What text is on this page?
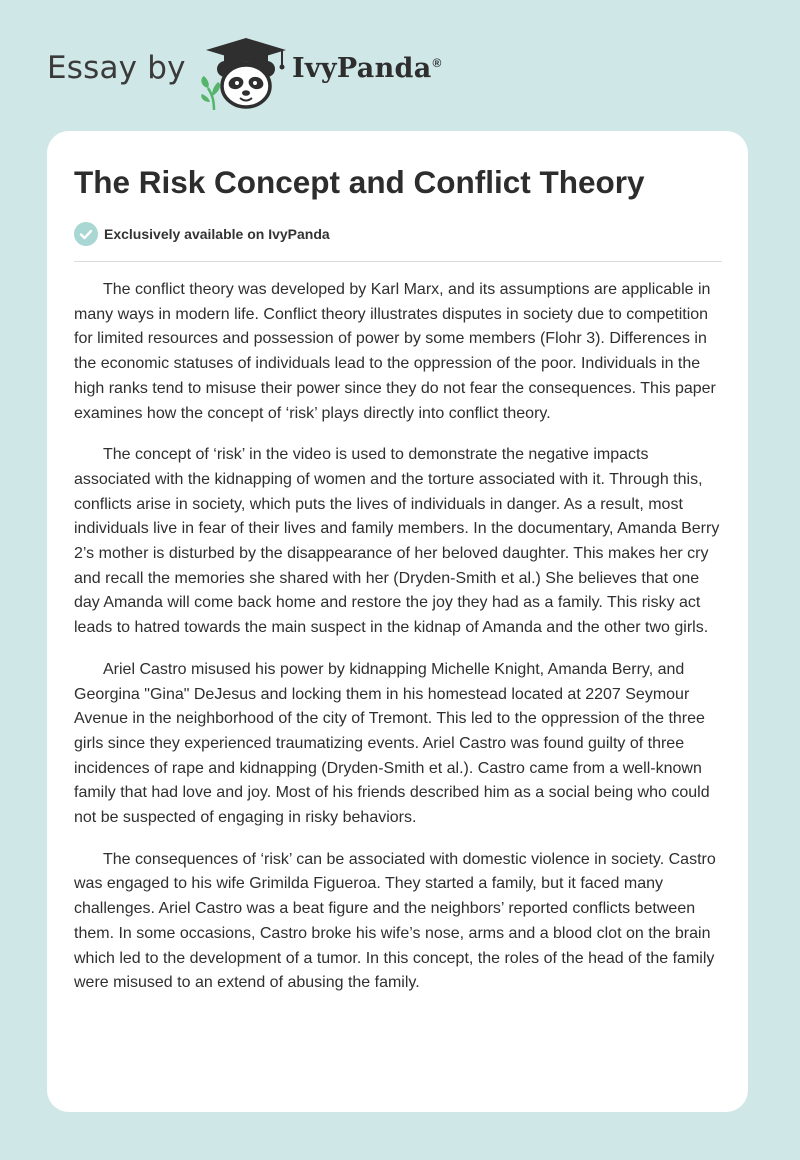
Essay by	IvyPanda®
The Risk Concept and Conflict Theory
Exclusively available on IvyPanda

The conflict theory was developed by Karl Marx, and its assumptions are applicable in many ways in modern life. Conflict theory illustrates disputes in society due to competition for limited resources and possession of power by some members (Flohr 3). Differences in the economic statuses of individuals lead to the oppression of the poor. Individuals in the high ranks tend to misuse their power since they do not fear the consequences. This paper examines how the concept of ‘risk’ plays directly into conflict theory.

The concept of ‘risk’ in the video is used to demonstrate the negative impacts associated with the kidnapping of women and the torture associated with it. Through this, conflicts arise in society, which puts the lives of individuals in danger. As a result, most individuals live in fear of their lives and family members. In the documentary, Amanda Berry 2’s mother is disturbed by the disappearance of her beloved daughter. This makes her cry and recall the memories she shared with her (Dryden-Smith et al.) She believes that one day Amanda will come back home and restore the joy they had as a family. This risky act leads to hatred towards the main suspect in the kidnap of Amanda and the other two girls.

Ariel Castro misused his power by kidnapping Michelle Knight, Amanda Berry, and Georgina "Gina" DeJesus and locking them in his homestead located at 2207 Seymour Avenue in the neighborhood of the city of Tremont. This led to the oppression of the three girls since they experienced traumatizing events. Ariel Castro was found guilty of three incidences of rape and kidnapping (Dryden-Smith et al.). Castro came from a well-known family that had love and joy. Most of his friends described him as a social being who could not be suspected of engaging in risky behaviors.

The consequences of ‘risk’ can be associated with domestic violence in society. Castro was engaged to his wife Grimilda Figueroa. They started a family, but it faced many challenges. Ariel Castro was a beat figure and the neighbors’ reported conflicts between them. In some occasions, Castro broke his wife’s nose, arms and a blood clot on the brain which led to the development of a tumor. In this concept, the roles of the head of the family were misused to an extend of abusing the family.
